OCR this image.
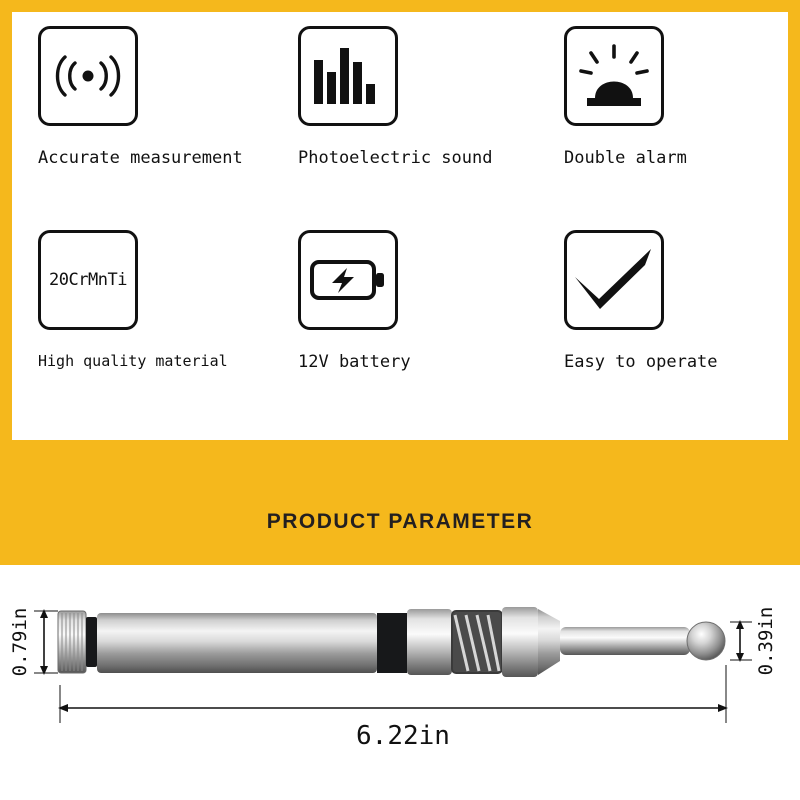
Accurate measurement	Photoelectric sound	Double alarm
20CrMnTi
High quality material	12V battery	Easy to operate
PRODUCT PARAMETER
0.79in	0.39in
6.22in
